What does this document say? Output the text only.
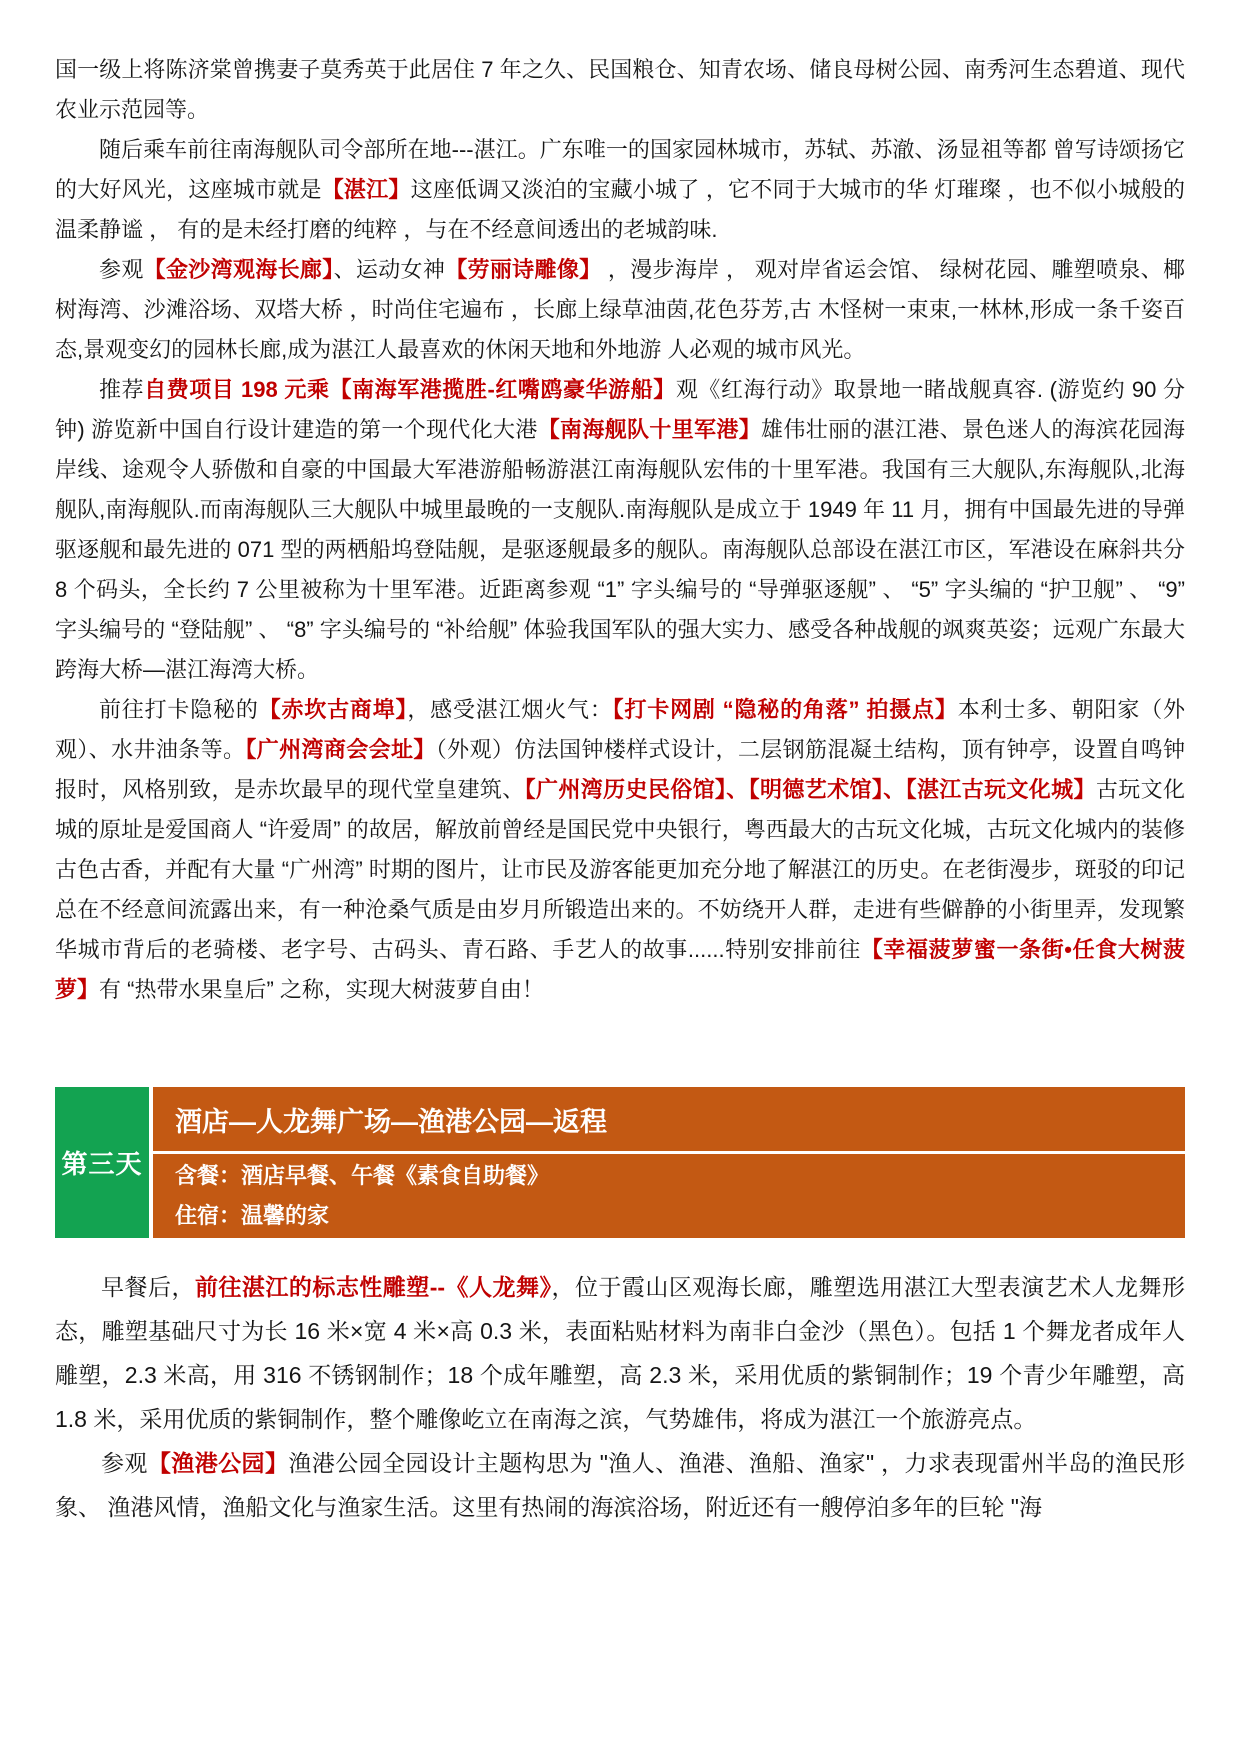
国一级上将陈济棠曾携妻子莫秀英于此居住 7 年之久、民国粮仓、知青农场、储良母树公园、南秀河生态碧道、现代农业示范园等。

随后乘车前往南海舰队司令部所在地---湛江。广东唯一的国家园林城市，苏轼、苏澈、汤显祖等都 曾写诗颂扬它的大好风光，这座城市就是【湛江】这座低调又淡泊的宝藏小城了 ，它不同于大城市的华 灯璀璨 ，也不似小城般的温柔静谧 ， 有的是未经打磨的纯粹 ，与在不经意间透出的老城韵味.

参观【金沙湾观海长廊】、运动女神【劳丽诗雕像】 ，漫步海岸 ， 观对岸省运会馆、 绿树花园、雕塑喷泉、椰树海湾、沙滩浴场、双塔大桥 ，时尚住宅遍布 ，长廊上绿草油茵,花色芬芳,古 木怪树一束束,一林林,形成一条千姿百态,景观变幻的园林长廊,成为湛江人最喜欢的休闲天地和外地游 人必观的城市风光。

推荐自费项目 198 元乘【南海军港揽胜-红嘴鸥豪华游船】观《红海行动》取景地一睹战舰真容. (游览约 90 分钟) 游览新中国自行设计建造的第一个现代化大港【南海舰队十里军港】雄伟壮丽的湛江港、景色迷人的海滨花园海岸线、途观令人骄傲和自豪的中国最大军港游船畅游湛江南海舰队宏伟的十里军港。我国有三大舰队,东海舰队,北海舰队,南海舰队.而南海舰队三大舰队中城里最晚的一支舰队.南海舰队是成立于 1949 年 11 月，拥有中国最先进的导弹驱逐舰和最先进的 071 型的两栖船坞登陆舰，是驱逐舰最多的舰队。南海舰队总部设在湛江市区，军港设在麻斜共分 8 个码头，全长约 7 公里被称为十里军港。近距离参观 “1” 字头编号的 “导弹驱逐舰” 、 “5” 字头编的 “护卫舰” 、 “9” 字头编号的 “登陆舰” 、 “8” 字头编号的 “补给舰” 体验我国军队的强大实力、感受各种战舰的飒爽英姿；远观广东最大跨海大桥—湛江海湾大桥。

前往打卡隐秘的【赤坎古商埠】，感受湛江烟火气：【打卡网剧 “隐秘的角落” 拍摄点】本利士多、朝阳家（外观）、水井油条等。【广州湾商会会址】（外观）仿法国钟楼样式设计，二层钢筋混凝土结构，顶有钟亭，设置自鸣钟报时，风格别致，是赤坎最早的现代堂皇建筑、【广州湾历史民俗馆】、【明德艺术馆】、【湛江古玩文化城】古玩文化城的原址是爱国商人 “许爱周” 的故居，解放前曾经是国民党中央银行，粤西最大的古玩文化城，古玩文化城内的装修古色古香，并配有大量 “广州湾” 时期的图片，让市民及游客能更加充分地了解湛江的历史。在老街漫步，斑驳的印记总在不经意间流露出来，有一种沧桑气质是由岁月所锻造出来的。不妨绕开人群，走进有些僻静的小街里弄，发现繁华城市背后的老骑楼、老字号、古码头、青石路、手艺人的故事......特别安排前往【幸福菠萝蜜一条街•任食大树菠萝】有 “热带水果皇后” 之称，实现大树菠萝自由！

第三天
酒店—人龙舞广场—渔港公园—返程
含餐：酒店早餐、午餐《素食自助餐》
住宿：温馨的家

早餐后，前往湛江的标志性雕塑--《人龙舞》，位于霞山区观海长廊，雕塑选用湛江大型表演艺术人龙舞形态，雕塑基础尺寸为长 16 米×宽 4 米×高 0.3 米，表面粘贴材料为南非白金沙（黑色）。包括 1 个舞龙者成年人雕塑，2.3 米高，用 316 不锈钢制作；18 个成年雕塑，高 2.3 米，采用优质的紫铜制作；19 个青少年雕塑，高 1.8 米，采用优质的紫铜制作，整个雕像屹立在南海之滨，气势雄伟，将成为湛江一个旅游亮点。

参观【渔港公园】渔港公园全园设计主题构思为 "渔人、渔港、渔船、渔家" ，力求表现雷州半岛的渔民形象、 渔港风情，渔船文化与渔家生活。这里有热闹的海滨浴场，附近还有一艘停泊多年的巨轮 "海
